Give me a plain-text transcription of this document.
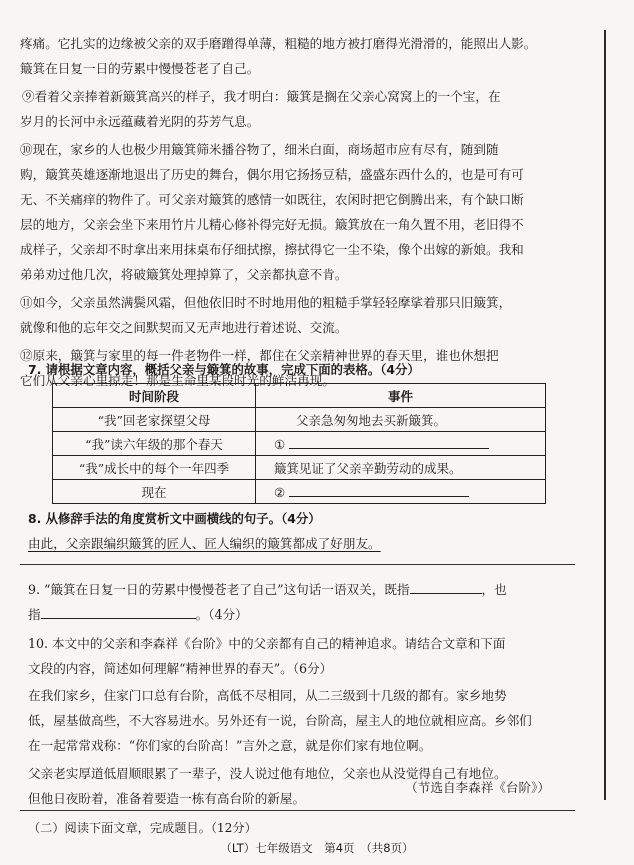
疼痛。它扎实的边缘被父亲的双手磨蹭得单薄，粗糙的地方被打磨得光滑滑的，能照出人影。
簸箕在日复一日的劳累中慢慢苍老了自己。
⑨看着父亲捧着新簸箕高兴的样子，我才明白：簸箕是搁在父亲心窝窝上的一个宝，在
岁月的长河中永远蕴藏着光阴的芬芳气息。
⑩现在，家乡的人也极少用簸箕筛米播谷物了，细米白面，商场超市应有尽有，随到随
购，簸箕英雄逐渐地退出了历史的舞台，偶尔用它扬扬豆秸，盛盛东西什么的，也是可有可
无、不关痛痒的物件了。可父亲对簸箕的感情一如既往，农闲时把它倒腾出来，有个缺口断
层的地方，父亲会坐下来用竹片儿精心修补得完好无损。簸箕放在一角久置不用，老旧得不
成样子，父亲却不时拿出来用抹桌布仔细拭擦，擦拭得它一尘不染，像个出嫁的新娘。我和
弟弟劝过他几次，将破簸箕处理掉算了，父亲都执意不肯。
⑪如今，父亲虽然满鬓风霜，但他依旧时不时地用他的粗糙手掌轻轻摩挲着那只旧簸箕，
就像和他的忘年交之间默契而又无声地进行着述说、交流。
⑫原来，簸箕与家里的每一件老物件一样，都住在父亲精神世界的春天里，谁也休想把
它们从父亲心里掠走！那是生命里某段时光的鲜活再现。
7. 请根据文章内容，概括父亲与簸箕的故事，完成下面的表格。（4分）
时间阶段	事件
“我”回老家探望父母	父亲急匆匆地去买新簸箕。
“我”读六年级的那个春天	①
“我”成长中的每个一年四季	簸箕见证了父亲辛勤劳动的成果。
现在	②
8. 从修辞手法的角度赏析文中画横线的句子。（4分）
由此，父亲跟编织簸箕的匠人、匠人编织的簸箕都成了好朋友。
9. “簸箕在日复一日的劳累中慢慢苍老了自己”这句话一语双关，既指	，也
指	。（4分）
10. 本文中的父亲和李森祥《台阶》中的父亲都有自己的精神追求。请结合文章和下面
文段的内容，简述如何理解“精神世界的春天”。（6分）
在我们家乡，住家门口总有台阶，高低不尽相同，从二三级到十几级的都有。家乡地势
低，屋基做高些，不大容易进水。另外还有一说，台阶高，屋主人的地位就相应高。乡邻们
在一起常常戏称：“你们家的台阶高！”言外之意，就是你们家有地位啊。
父亲老实厚道低眉顺眼累了一辈子，没人说过他有地位，父亲也从没觉得自己有地位。
但他日夜盼着，准备着要造一栋有高台阶的新屋。
（节选自李森祥《台阶》）
（二）阅读下面文章，完成题目。（12分）
（LT）七年级语文　第4页　（共8页）
